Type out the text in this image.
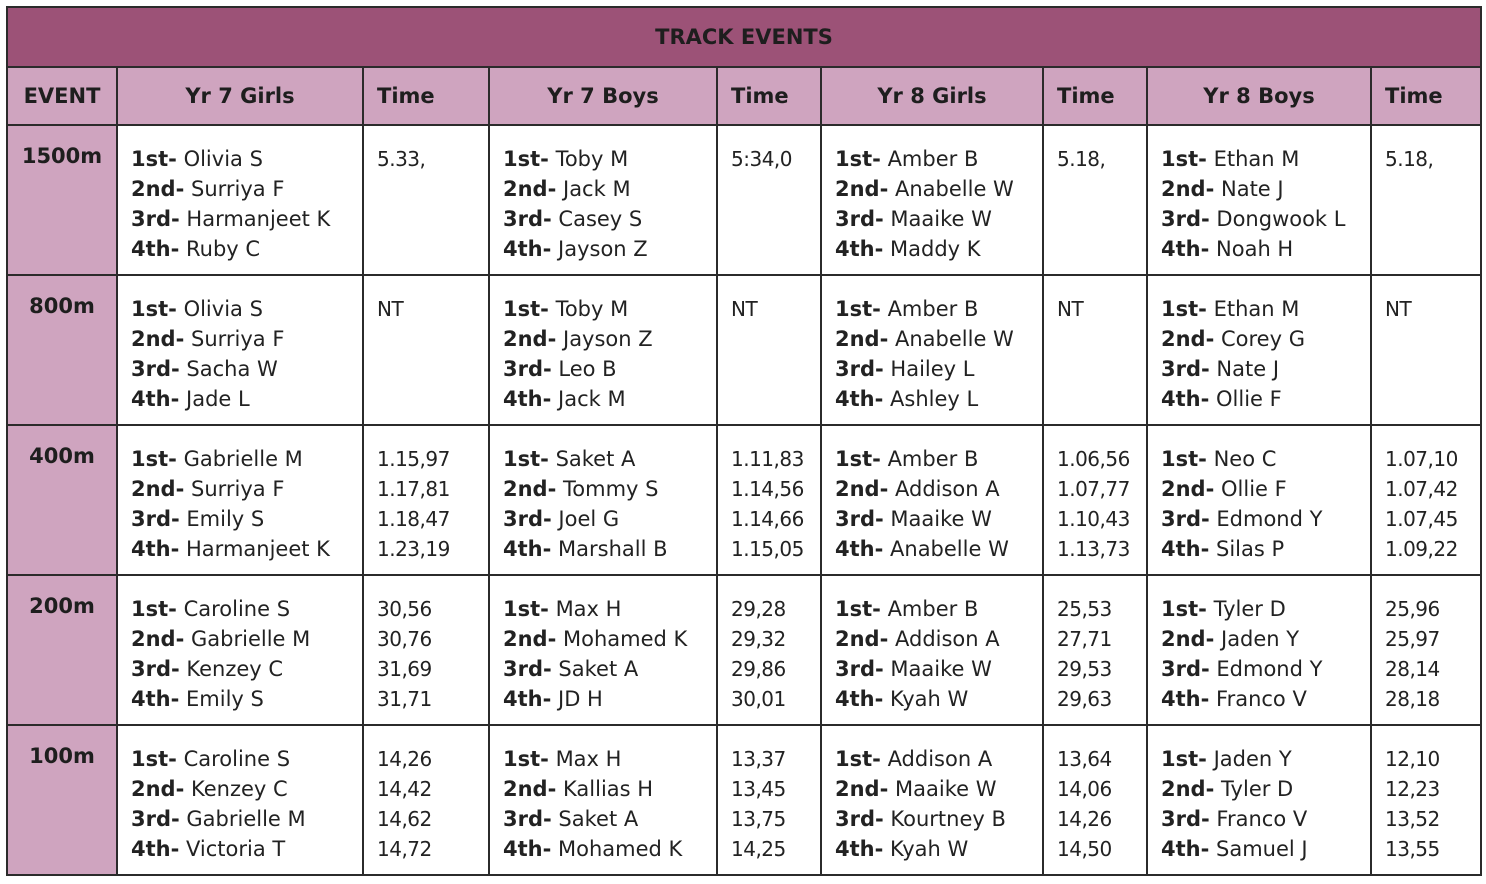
TRACK EVENTS								
EVENT	Yr 7 Girls	Time	Yr 7 Boys	Time	Yr 8 Girls	Time	Yr 8 Boys	Time
1500m	1st- Olivia S
2nd- Surriya F
3rd- Harmanjeet K
4th- Ruby C	5.33,	1st- Toby M
2nd- Jack M
3rd- Casey S
4th- Jayson Z	5:34,0	1st- Amber B
2nd- Anabelle W
3rd- Maaike W
4th- Maddy K	5.18,	1st- Ethan M
2nd- Nate J
3rd- Dongwook L
4th- Noah H	5.18,

800m	1st- Olivia S
2nd- Surriya F
3rd- Sacha W
4th- Jade L	NT	1st- Toby M
2nd- Jayson Z
3rd- Leo B
4th- Jack M	NT	1st- Amber B
2nd- Anabelle W
3rd- Hailey L
4th- Ashley L	NT	1st- Ethan M
2nd- Corey G
3rd- Nate J
4th- Ollie F	NT

400m	1st- Gabrielle M
2nd- Surriya F
3rd- Emily S
4th- Harmanjeet K	1.15,97
1.17,81
1.18,47
1.23,19	1st- Saket A
2nd- Tommy S
3rd- Joel G
4th- Marshall B	1.11,83
1.14,56
1.14,66
1.15,05	1st- Amber B
2nd- Addison A
3rd- Maaike W
4th- Anabelle W	1.06,56
1.07,77
1.10,43
1.13,73	1st- Neo C
2nd- Ollie F
3rd- Edmond Y
4th- Silas P	1.07,10
1.07,42
1.07,45
1.09,22

200m	1st- Caroline S
2nd- Gabrielle M
3rd- Kenzey C
4th- Emily S	30,56
30,76
31,69
31,71	1st- Max H
2nd- Mohamed K
3rd- Saket A
4th- JD H	29,28
29,32
29,86
30,01	1st- Amber B
2nd- Addison A
3rd- Maaike W
4th- Kyah W	25,53
27,71
29,53
29,63	1st- Tyler D
2nd- Jaden Y
3rd- Edmond Y
4th- Franco V	25,96
25,97
28,14
28,18

100m	1st- Caroline S
2nd- Kenzey C
3rd- Gabrielle M
4th- Victoria T	14,26
14,42
14,62
14,72	1st- Max H
2nd- Kallias H
3rd- Saket A
4th- Mohamed K	13,37
13,45
13,75
14,25	1st- Addison A
2nd- Maaike W
3rd- Kourtney B
4th- Kyah W	13,64
14,06
14,26
14,50	1st- Jaden Y
2nd- Tyler D
3rd- Franco V
4th- Samuel J	12,10
12,23
13,52
13,55
